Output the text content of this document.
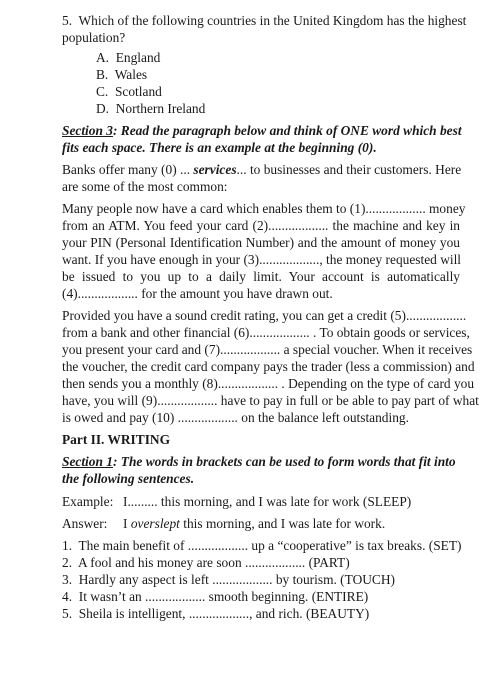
5.  Which of the following countries in the United Kingdom has the highest
population?
A.  England
B.  Wales
C.  Scotland
D.  Northern Ireland
Section 3: Read the paragraph below and think of ONE word which best
fits each space. There is an example at the beginning (0).
Banks offer many (0) ... services... to businesses and their customers. Here
are some of the most common:
Many people now have a card which enables them to (1).................. money
from an ATM. You feed your card (2).................. the machine and key in
your PIN (Personal Identification Number) and the amount of money you
want. If you have enough in your (3).................., the money requested will
be issued to you up to a daily limit. Your account is automatically
(4).................. for the amount you have drawn out.
Provided you have a sound credit rating, you can get a credit (5)..................
from a bank and other financial (6).................. . To obtain goods or services,
you present your card and (7).................. a special voucher. When it receives
the voucher, the credit card company pays the trader (less a commission) and
then sends you a monthly (8).................. . Depending on the type of card you
have, you will (9).................. have to pay in full or be able to pay part of what
is owed and pay (10) .................. on the balance left outstanding.
Part II. WRITING
Section 1: The words in brackets can be used to form words that fit into
the following sentences.
Example: I......... this morning, and I was late for work (SLEEP)
Answer: I overslept this morning, and I was late for work.
1.  The main benefit of .................. up a “cooperative” is tax breaks. (SET)
2.  A fool and his money are soon .................. (PART)
3.  Hardly any aspect is left .................. by tourism. (TOUCH)
4.  It wasn’t an .................. smooth beginning. (ENTIRE)
5.  Sheila is intelligent, .................., and rich. (BEAUTY)
